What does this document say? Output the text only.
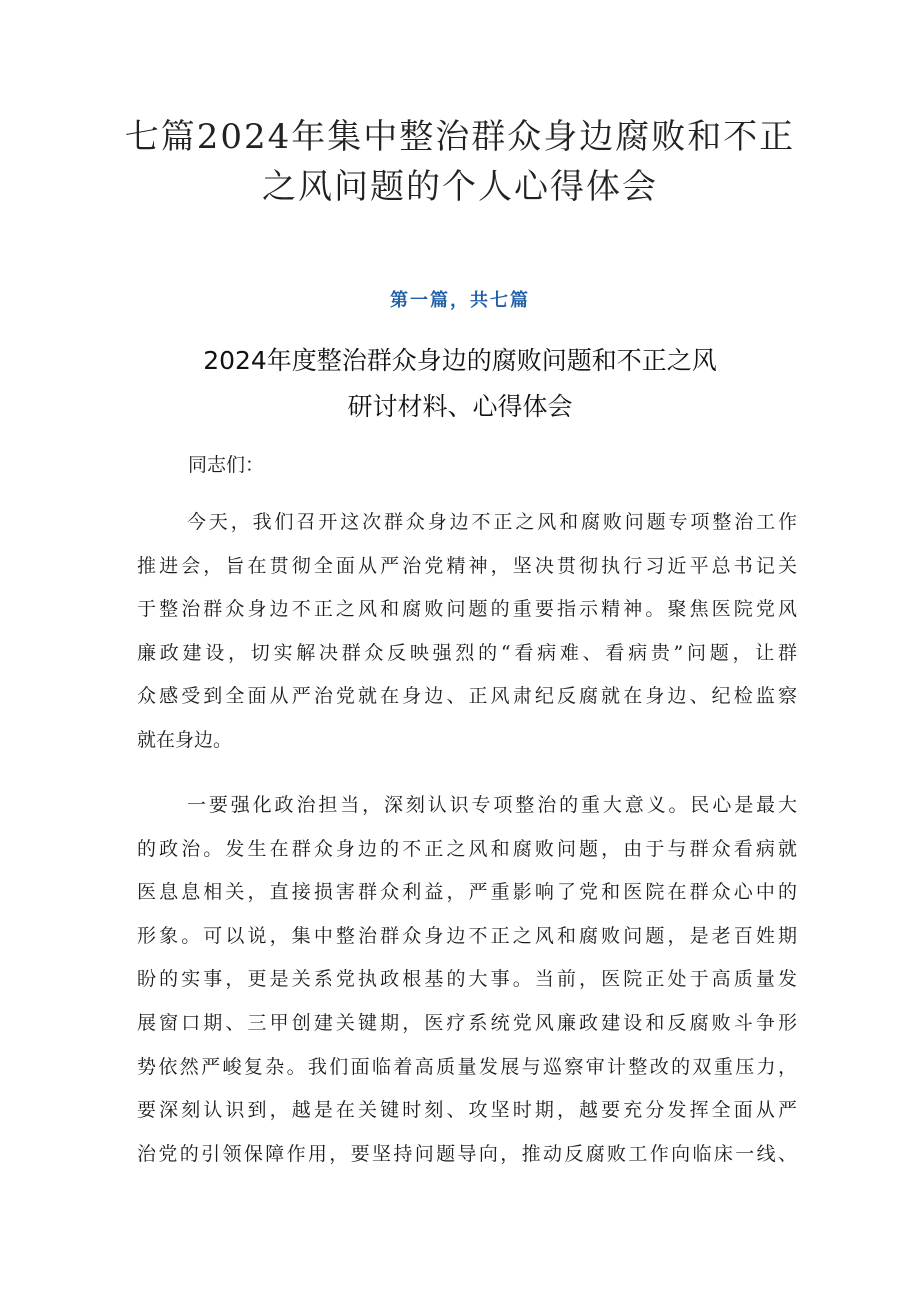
七篇2024年集中整治群众身边腐败和不正
之风问题的个人心得体会
第一篇，共七篇
2024年度整治群众身边的腐败问题和不正之风
研讨材料、心得体会
同志们：
今天，我们召开这次群众身边不正之风和腐败问题专项整治工作
推进会，旨在贯彻全面从严治党精神，坚决贯彻执行习近平总书记关
于整治群众身边不正之风和腐败问题的重要指示精神。聚焦医院党风
廉政建设，切实解决群众反映强烈的“看病难、看病贵”问题，让群
众感受到全面从严治党就在身边、正风肃纪反腐就在身边、纪检监察
就在身边。
一要强化政治担当，深刻认识专项整治的重大意义。民心是最大
的政治。发生在群众身边的不正之风和腐败问题，由于与群众看病就
医息息相关，直接损害群众利益，严重影响了党和医院在群众心中的
形象。可以说，集中整治群众身边不正之风和腐败问题，是老百姓期
盼的实事，更是关系党执政根基的大事。当前，医院正处于高质量发
展窗口期、三甲创建关键期，医疗系统党风廉政建设和反腐败斗争形
势依然严峻复杂。我们面临着高质量发展与巡察审计整改的双重压力，
要深刻认识到，越是在关键时刻、攻坚时期，越要充分发挥全面从严
治党的引领保障作用，要坚持问题导向，推动反腐败工作向临床一线、
